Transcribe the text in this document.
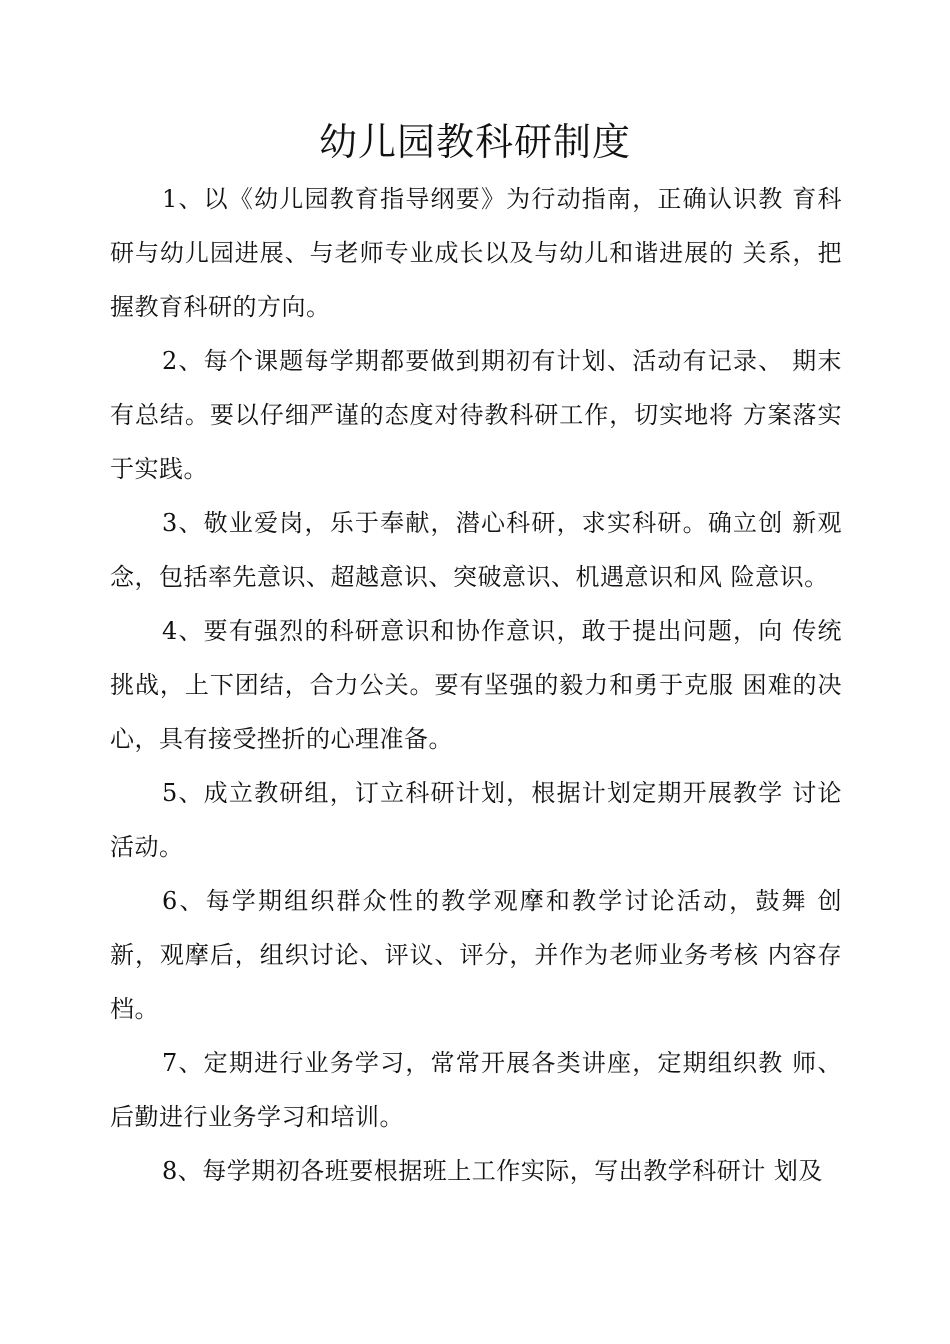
幼儿园教科研制度

1、以《幼儿园教育指导纲要》为行动指南，正确认识教 育科研与幼儿园进展、与老师专业成长以及与幼儿和谐进展的 关系，把握教育科研的方向。

2、每个课题每学期都要做到期初有计划、活动有记录、 期末有总结。要以仔细严谨的态度对待教科研工作，切实地将 方案落实于实践。

3、敬业爱岗，乐于奉献，潜心科研，求实科研。确立创 新观念，包括率先意识、超越意识、突破意识、机遇意识和风 险意识。

4、要有强烈的科研意识和协作意识，敢于提出问题，向 传统挑战，上下团结，合力公关。要有坚强的毅力和勇于克服 困难的决心，具有接受挫折的心理准备。

5、成立教研组，订立科研计划，根据计划定期开展教学 讨论活动。

6、每学期组织群众性的教学观摩和教学讨论活动，鼓舞 创新，观摩后，组织讨论、评议、评分，并作为老师业务考核 内容存档。

7、定期进行业务学习，常常开展各类讲座，定期组织教 师、后勤进行业务学习和培训。

8、每学期初各班要根据班上工作实际，写出教学科研计 划及
